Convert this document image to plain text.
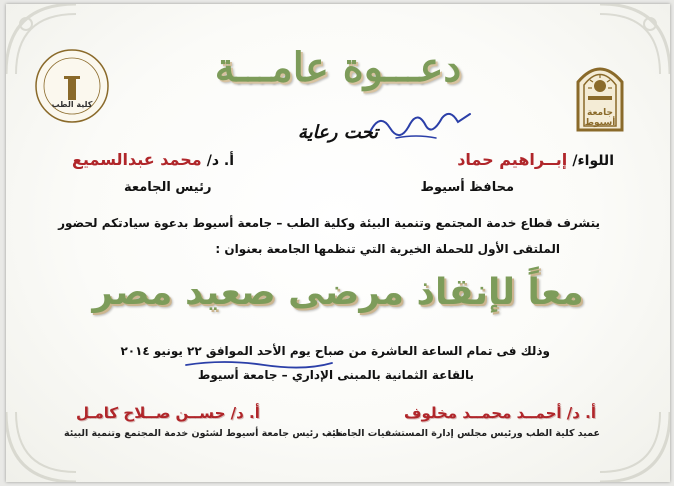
جامعة أسيوط
كلية الطب
دعـــوة عامـــة
تحت رعاية
اللواء/ إبــراهيم حماد
محافظ أسيوط
أ. د/ محمد عبدالسميع
رئيس الجامعة
يتشرف قطاع خدمة المجتمع وتنمية البيئة وكلية الطب – جامعة أسيوط بدعوة سيادتكم لحضور
الملتقى الأول للحملة الخيرية التي تنظمها الجامعة بعنوان :
معاً لإنقاذ مرضى صعيد مصر
وذلك فى تمام الساعة العاشرة من صباح يوم الأحد الموافق ٢٢ يونيو ٢٠١٤
بالقاعة الثمانية بالمبنى الإداري – جامعة أسيوط
أ. د/ أحمــد محمــد مخلوف
عميد كلية الطب ورئيس مجلس إدارة المستشفيات الجامعية
أ. د/ حســن صــلاح كامـل
نائب رئيس جامعة أسيوط لشئون خدمة المجتمع وتنمية البيئة
